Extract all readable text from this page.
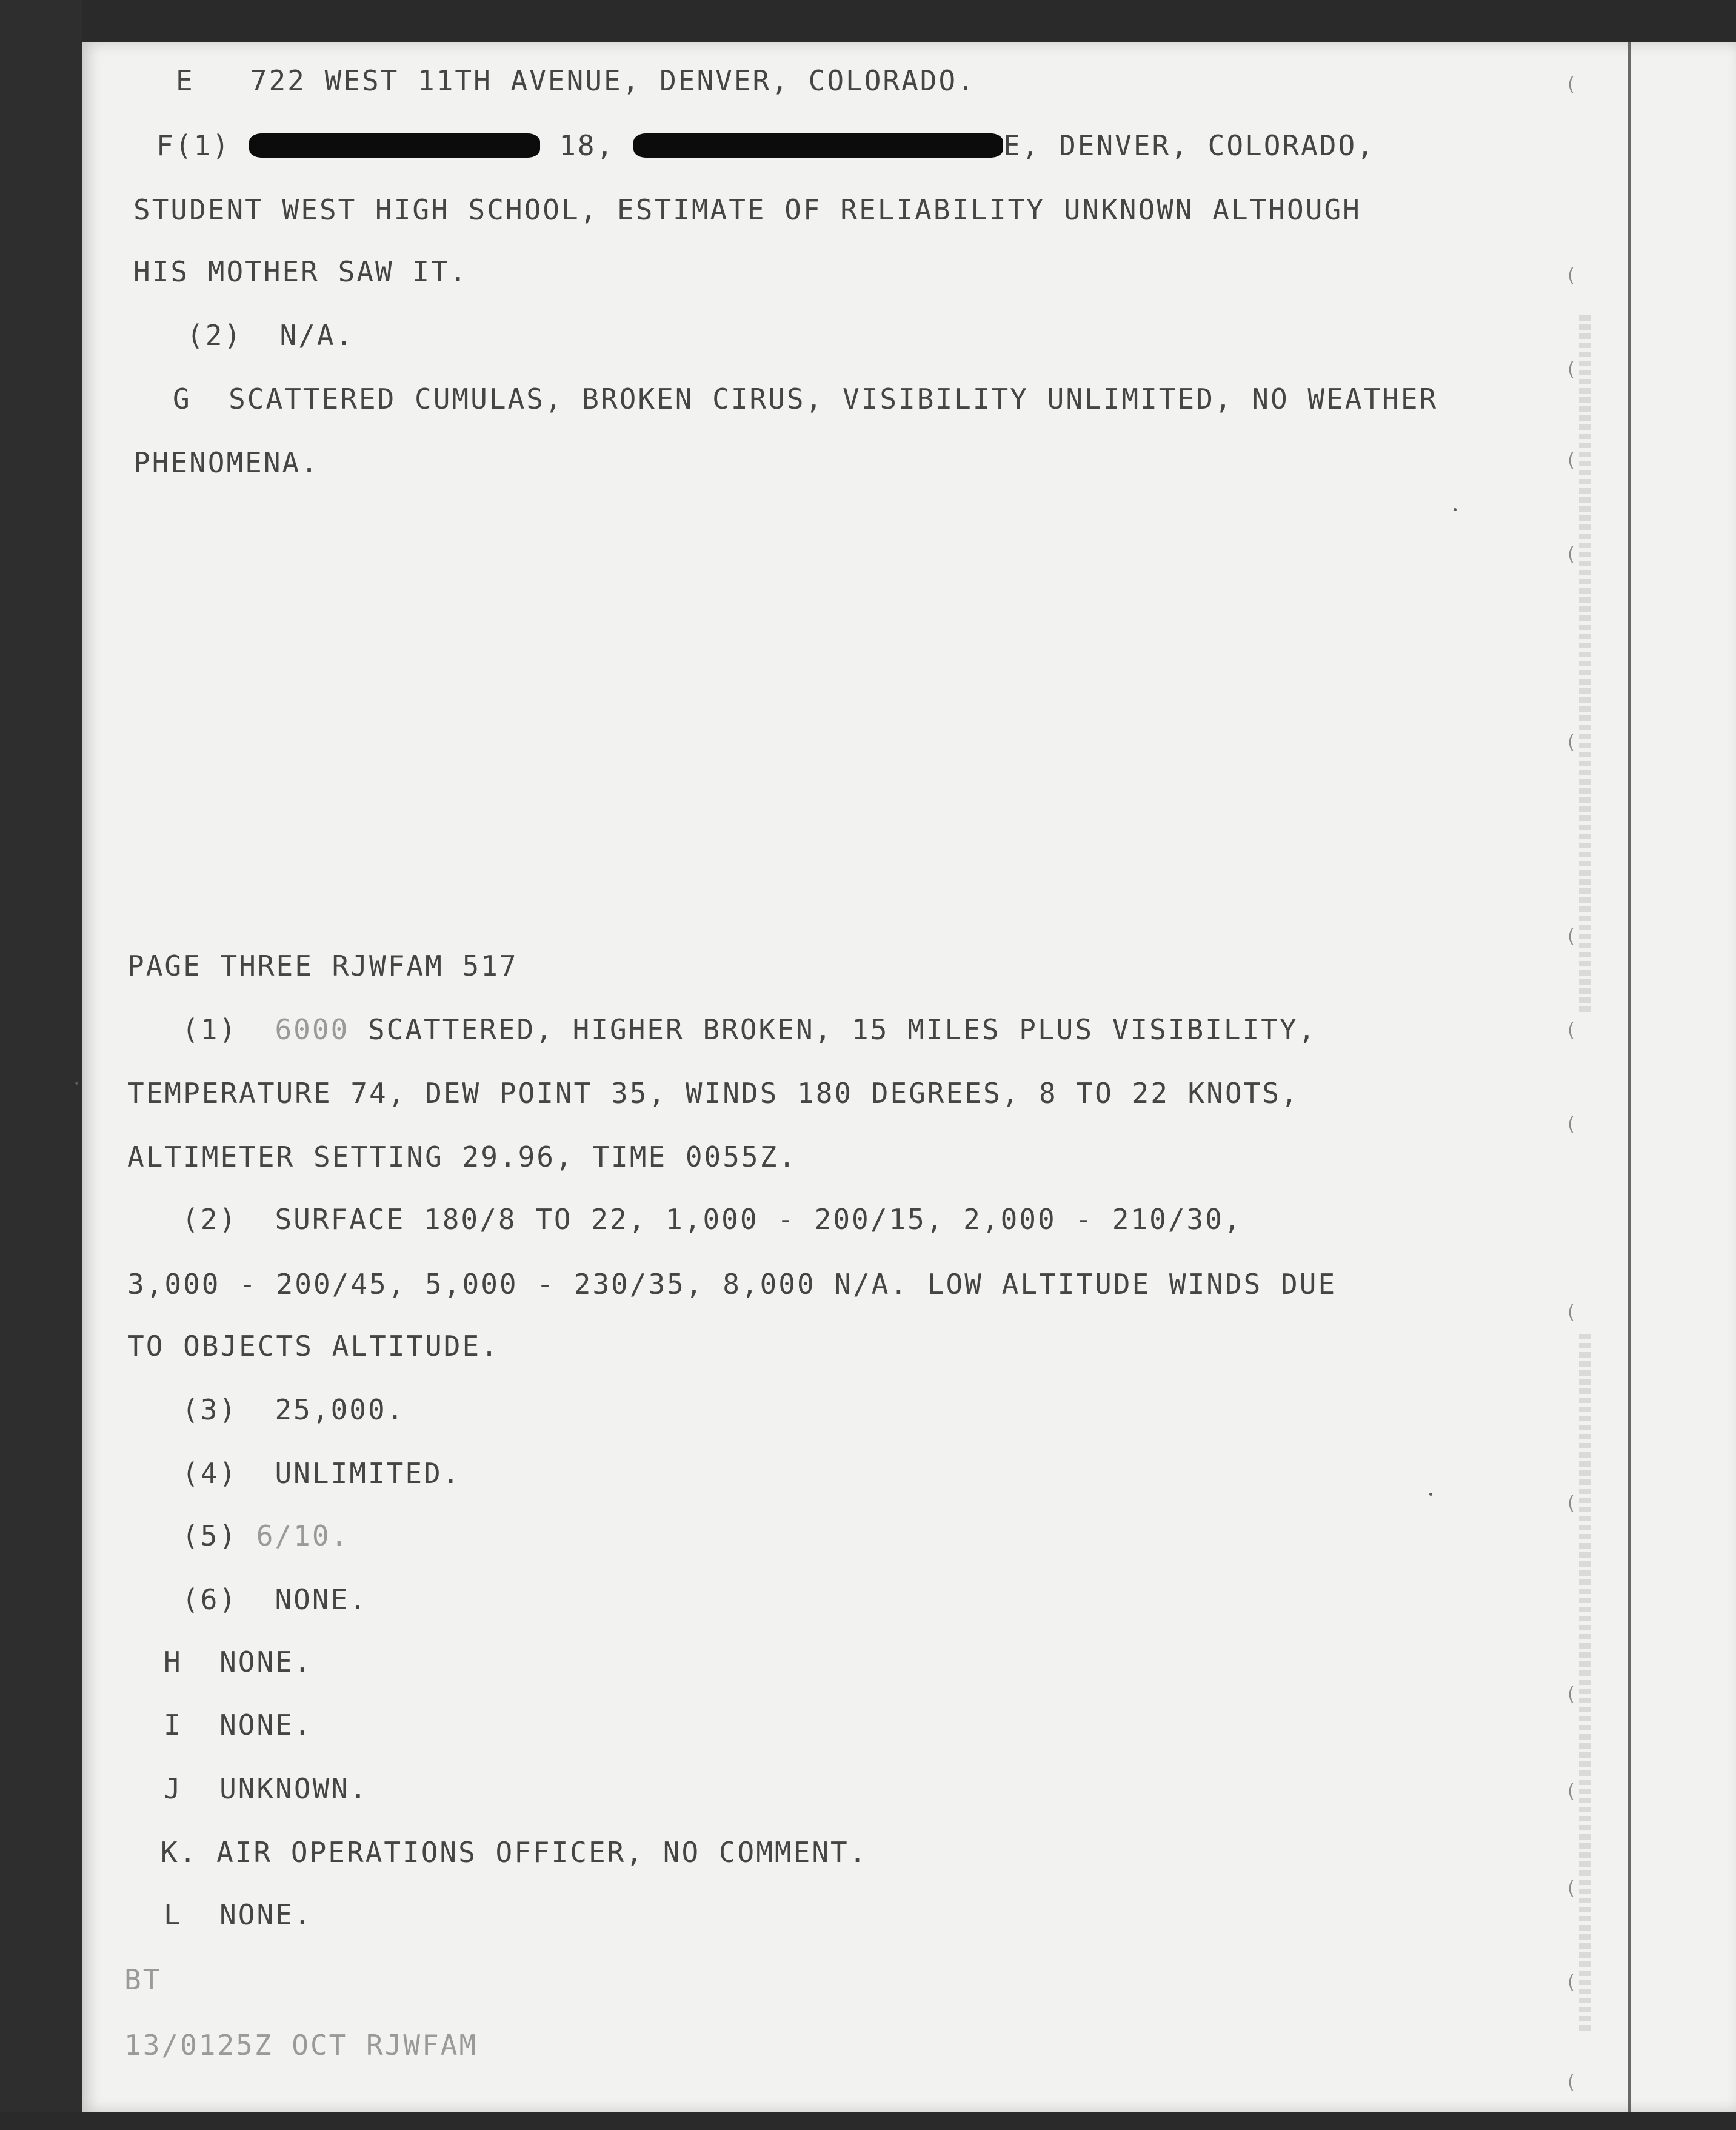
(
(
(
(
(
(
(
(
(
(
(
(
(
(
(
(
E 722 WEST 11TH AVENUE, DENVER, COLORADO.
F(1)	18,	E, DENVER, COLORADO,
STUDENT WEST HIGH SCHOOL, ESTIMATE OF RELIABILITY UNKNOWN ALTHOUGH
HIS MOTHER SAW IT.
(2) N/A.
G SCATTERED CUMULAS, BROKEN CIRUS, VISIBILITY UNLIMITED, NO WEATHER
PHENOMENA.
PAGE THREE RJWFAM 517
(1) 6000 SCATTERED, HIGHER BROKEN, 15 MILES PLUS VISIBILITY,
TEMPERATURE 74, DEW POINT 35, WINDS 180 DEGREES, 8 TO 22 KNOTS,
ALTIMETER SETTING 29.96, TIME 0055Z.
(2) SURFACE 180/8 TO 22, 1,000 - 200/15, 2,000 - 210/30,
3,000 - 200/45, 5,000 - 230/35, 8,000 N/A. LOW ALTITUDE WINDS DUE
TO OBJECTS ALTITUDE.
(3) 25,000.
(4) UNLIMITED.
(5) 6/10.
(6) NONE.
H NONE.
I NONE.
J UNKNOWN.
K. AIR OPERATIONS OFFICER, NO COMMENT.
L NONE.
BT
13/0125Z OCT RJWFAM
